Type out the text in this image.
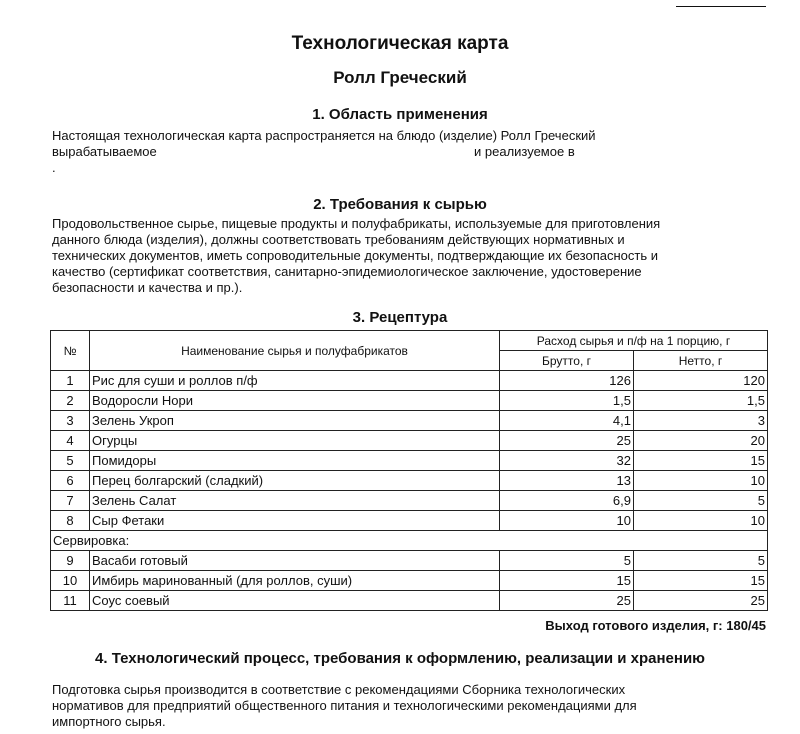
Технологическая карта
Ролл Греческий
1. Область применения
Настоящая технологическая карта распространяется на блюдо (изделие) Ролл Греческий
вырабатываемое	и реализуемое в
.
2. Требования к сырью
Продовольственное сырье, пищевые продукты и полуфабрикаты, используемые для приготовления
данного блюда (изделия), должны соответствовать требованиям действующих нормативных и
технических документов, иметь сопроводительные документы, подтверждающие их безопасность и
качество (сертификат соответствия, санитарно-эпидемиологическое заключение, удостоверение
безопасности и качества и пр.).
3. Рецептура
№	Наименование сырья и полуфабрикатов	Расход сырья и п/ф на 1 порцию, г	
		Брутто, г	Нетто, г
1	Рис для суши и роллов п/ф	126	120
2	Водоросли Нори	1,5	1,5
3	Зелень Укроп	4,1	3
4	Огурцы	25	20
5	Помидоры	32	15
6	Перец болгарский (сладкий)	13	10
7	Зелень Салат	6,9	5
8	Сыр Фетаки	10	10
Сервировка:			
9	Васаби готовый	5	5
10	Имбирь маринованный (для роллов, суши)	15	15
11	Соус соевый	25	25
Выход готового изделия, г: 180/45
4. Технологический процесс, требования к оформлению, реализации и хранению
Подготовка сырья производится в соответствие с рекомендациями Сборника технологических
нормативов для предприятий общественного питания и технологическими рекомендациями для
импортного сырья.
